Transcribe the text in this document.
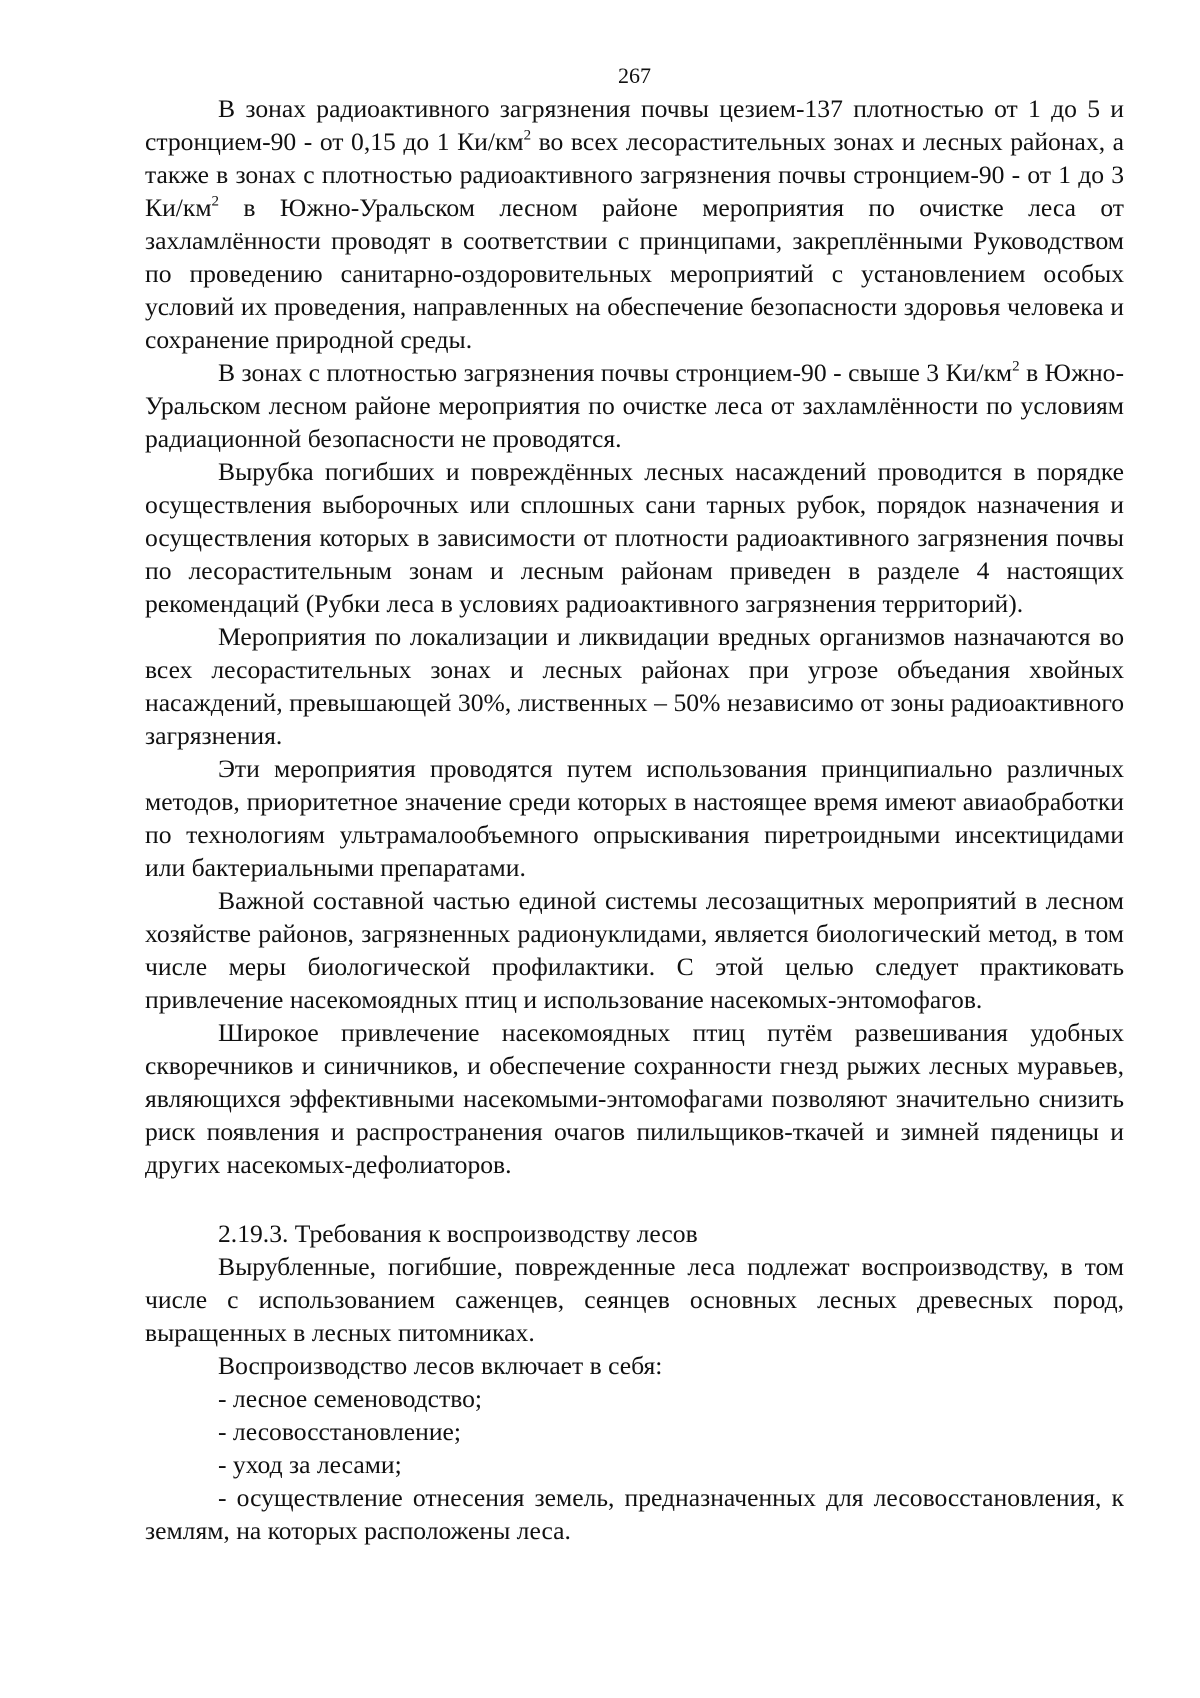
267

В зонах радиоактивного загрязнения почвы цезием-137 плотностью от 1 до 5 и стронцием-90 - от 0,15 до 1 $Ки/км^2$ во всех лесорастительных зонах и лесных районах, а также в зонах с плотностью радиоактивного загрязнения почвы стронцием-90 - от 1 до 3 $Ки/км^2$ в Южно-Уральском лесном районе мероприятия по очистке леса от захламлённости проводят в соответствии с принципами, закреплёнными Руководством по проведению санитарно-оздоровительных мероприятий с установлением особых условий их проведения, направленных на обеспечение безопасности здоровья человека и сохранение природной среды.

В зонах с плотностью загрязнения почвы стронцием-90 - свыше 3 $Ки/км^2$ в Южно-Уральском лесном районе мероприятия по очистке леса от захламлённости по условиям радиационной безопасности не проводятся.

Вырубка погибших и повреждённых лесных насаждений проводится в порядке осуществления выборочных или сплошных сани тарных рубок, порядок назначения и осуществления которых в зависимости от плотности радиоактивного загрязнения почвы по лесорастительным зонам и лесным районам приведен в разделе 4 настоящих рекомендаций (Рубки леса в условиях радиоактивного загрязнения территорий).

Мероприятия по локализации и ликвидации вредных организмов назначаются во всех лесорастительных зонах и лесных районах при угрозе объедания хвойных насаждений, превышающей 30%, лиственных – 50% независимо от зоны радиоактивного загрязнения.

Эти мероприятия проводятся путем использования принципиально различных методов, приоритетное значение среди которых в настоящее время имеют авиаобработки по технологиям ультрамалообъемного опрыскивания пиретроидными инсектицидами или бактериальными препаратами.

Важной составной частью единой системы лесозащитных мероприятий в лесном хозяйстве районов, загрязненных радионуклидами, является биологический метод, в том числе меры биологической профилактики. С этой целью следует практиковать привлечение насекомоядных птиц и использование насекомых-энтомофагов.

Широкое привлечение насекомоядных птиц путём развешивания удобных скворечников и синичников, и обеспечение сохранности гнезд рыжих лесных муравьев, являющихся эффективными насекомыми-энтомофагами позволяют значительно снизить риск появления и распространения очагов пилильщиков-ткачей и зимней пяденицы и других насекомых-дефолиаторов.

2.19.3. Требования к воспроизводству лесов

Вырубленные, погибшие, поврежденные леса подлежат воспроизводству, в том числе с использованием саженцев, сеянцев основных лесных древесных пород, выращенных в лесных питомниках.

Воспроизводство лесов включает в себя:

- лесное семеноводство;

- лесовосстановление;

- уход за лесами;

- осуществление отнесения земель, предназначенных для лесовосстановления, к землям, на которых расположены леса.
